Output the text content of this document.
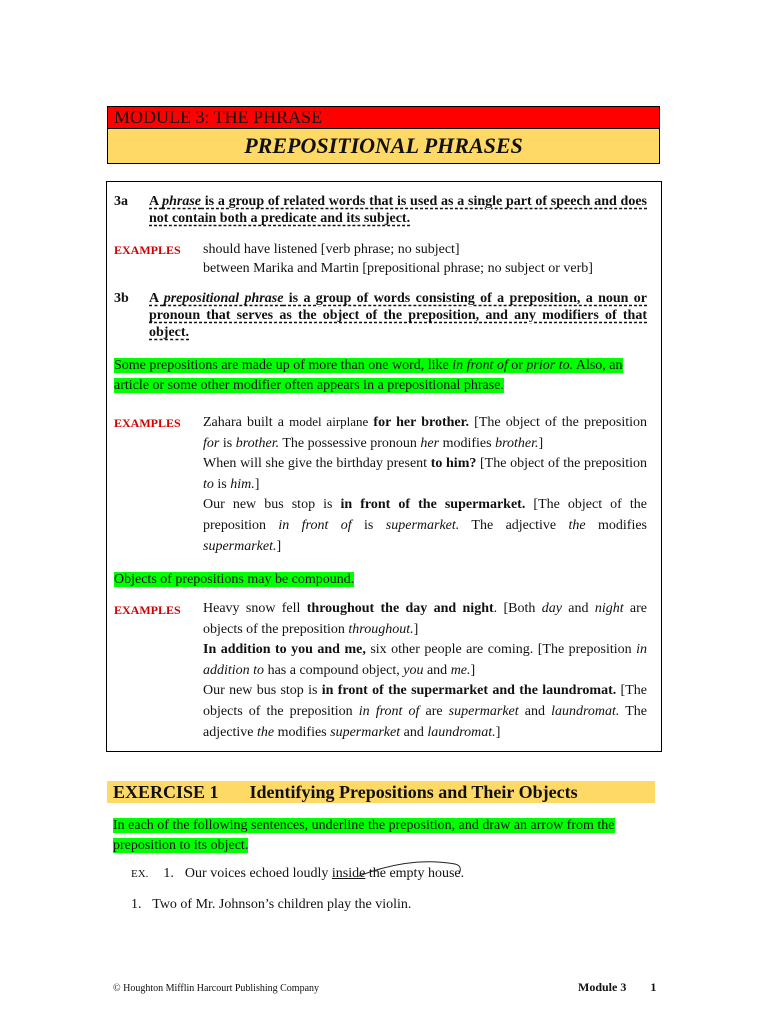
MODULE 3: THE PHRASE
PREPOSITIONAL PHRASES
3a A phrase is a group of related words that is used as a single part of speech and does not contain both a predicate and its subject.
EXAMPLES should have listened [verb phrase; no subject]
between Marika and Martin [prepositional phrase; no subject or verb]
3b A prepositional phrase is a group of words consisting of a preposition, a noun or pronoun that serves as the object of the preposition, and any modifiers of that object.
Some prepositions are made up of more than one word, like in front of or prior to. Also, an article or some other modifier often appears in a prepositional phrase.
EXAMPLES Zahara built a model airplane for her brother. [The object of the preposition for is brother. The possessive pronoun her modifies brother.]
When will she give the birthday present to him? [The object of the preposition to is him.]
Our new bus stop is in front of the supermarket. [The object of the preposition in front of is supermarket. The adjective the modifies supermarket.]
Objects of prepositions may be compound.
EXAMPLES Heavy snow fell throughout the day and night. [Both day and night are objects of the preposition throughout.]
In addition to you and me, six other people are coming. [The preposition in addition to has a compound object, you and me.]
Our new bus stop is in front of the supermarket and the laundromat. [The objects of the preposition in front of are supermarket and laundromat. The adjective the modifies supermarket and laundromat.]
EXERCISE 1 Identifying Prepositions and Their Objects
In each of the following sentences, underline the preposition, and draw an arrow from the preposition to its object.
EX. 1. Our voices echoed loudly inside the empty house.
1. Two of Mr. Johnson’s children play the violin.
© Houghton Mifflin Harcourt Publishing Company	Module 3 1
